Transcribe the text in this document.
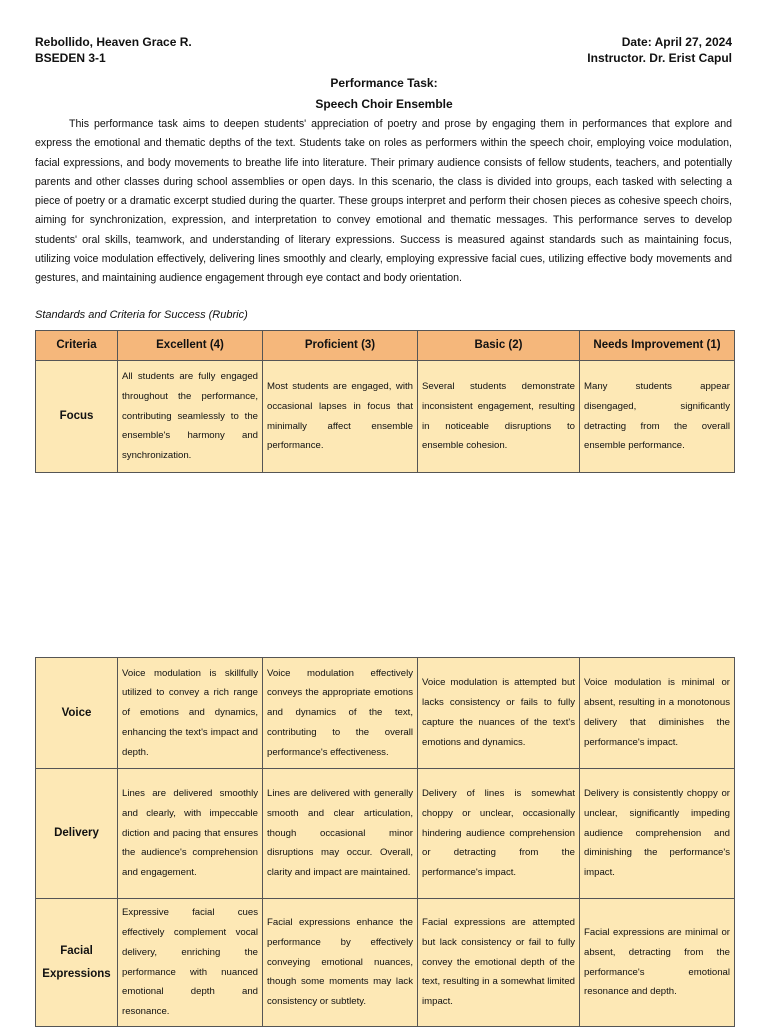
Rebollido, Heaven Grace R.
BSEDEN 3-1
Date: April 27, 2024
Instructor. Dr. Erist Capul
Performance Task:
Speech Choir Ensemble

This performance task aims to deepen students' appreciation of poetry and prose by engaging them in performances that explore and express the emotional and thematic depths of the text. Students take on roles as performers within the speech choir, employing voice modulation, facial expressions, and body movements to breathe life into literature. Their primary audience consists of fellow students, teachers, and potentially parents and other classes during school assemblies or open days. In this scenario, the class is divided into groups, each tasked with selecting a piece of poetry or a dramatic excerpt studied during the quarter. These groups interpret and perform their chosen pieces as cohesive speech choirs, aiming for synchronization, expression, and interpretation to convey emotional and thematic messages. This performance serves to develop students' oral skills, teamwork, and understanding of literary expressions. Success is measured against standards such as maintaining focus, utilizing voice modulation effectively, delivering lines smoothly and clearly, employing expressive facial cues, utilizing effective body movements and gestures, and maintaining audience engagement through eye contact and body orientation.

Standards and Criteria for Success (Rubric)
Criteria	Excellent (4)	Proficient (3)	Basic (2)	Needs Improvement (1)
Focus	All students are fully engaged throughout the performance, contributing seamlessly to the ensemble's harmony and synchronization.	Most students are engaged, with occasional lapses in focus that minimally affect ensemble performance.	Several students demonstrate inconsistent engagement, resulting in noticeable disruptions to ensemble cohesion.	Many students appear disengaged, significantly detracting from the overall ensemble performance.
Voice	Voice modulation is skillfully utilized to convey a rich range of emotions and dynamics, enhancing the text's impact and depth.	Voice modulation effectively conveys the appropriate emotions and dynamics of the text, contributing to the overall performance's effectiveness.	Voice modulation is attempted but lacks consistency or fails to fully capture the nuances of the text's emotions and dynamics.	Voice modulation is minimal or absent, resulting in a monotonous delivery that diminishes the performance's impact.
Delivery	Lines are delivered smoothly and clearly, with impeccable diction and pacing that ensures the audience's comprehension and engagement.	Lines are delivered with generally smooth and clear articulation, though occasional minor disruptions may occur. Overall, clarity and impact are maintained.	Delivery of lines is somewhat choppy or unclear, occasionally hindering audience comprehension or detracting from the performance's impact.	Delivery is consistently choppy or unclear, significantly impeding audience comprehension and diminishing the performance's impact.
Facial Expressions	Expressive facial cues effectively complement vocal delivery, enriching the performance with nuanced emotional depth and resonance.	Facial expressions enhance the performance by effectively conveying emotional nuances, though some moments may lack consistency or subtlety.	Facial expressions are attempted but lack consistency or fail to fully convey the emotional depth of the text, resulting in a somewhat limited impact.	Facial expressions are minimal or absent, detracting from the performance's emotional resonance and depth.
